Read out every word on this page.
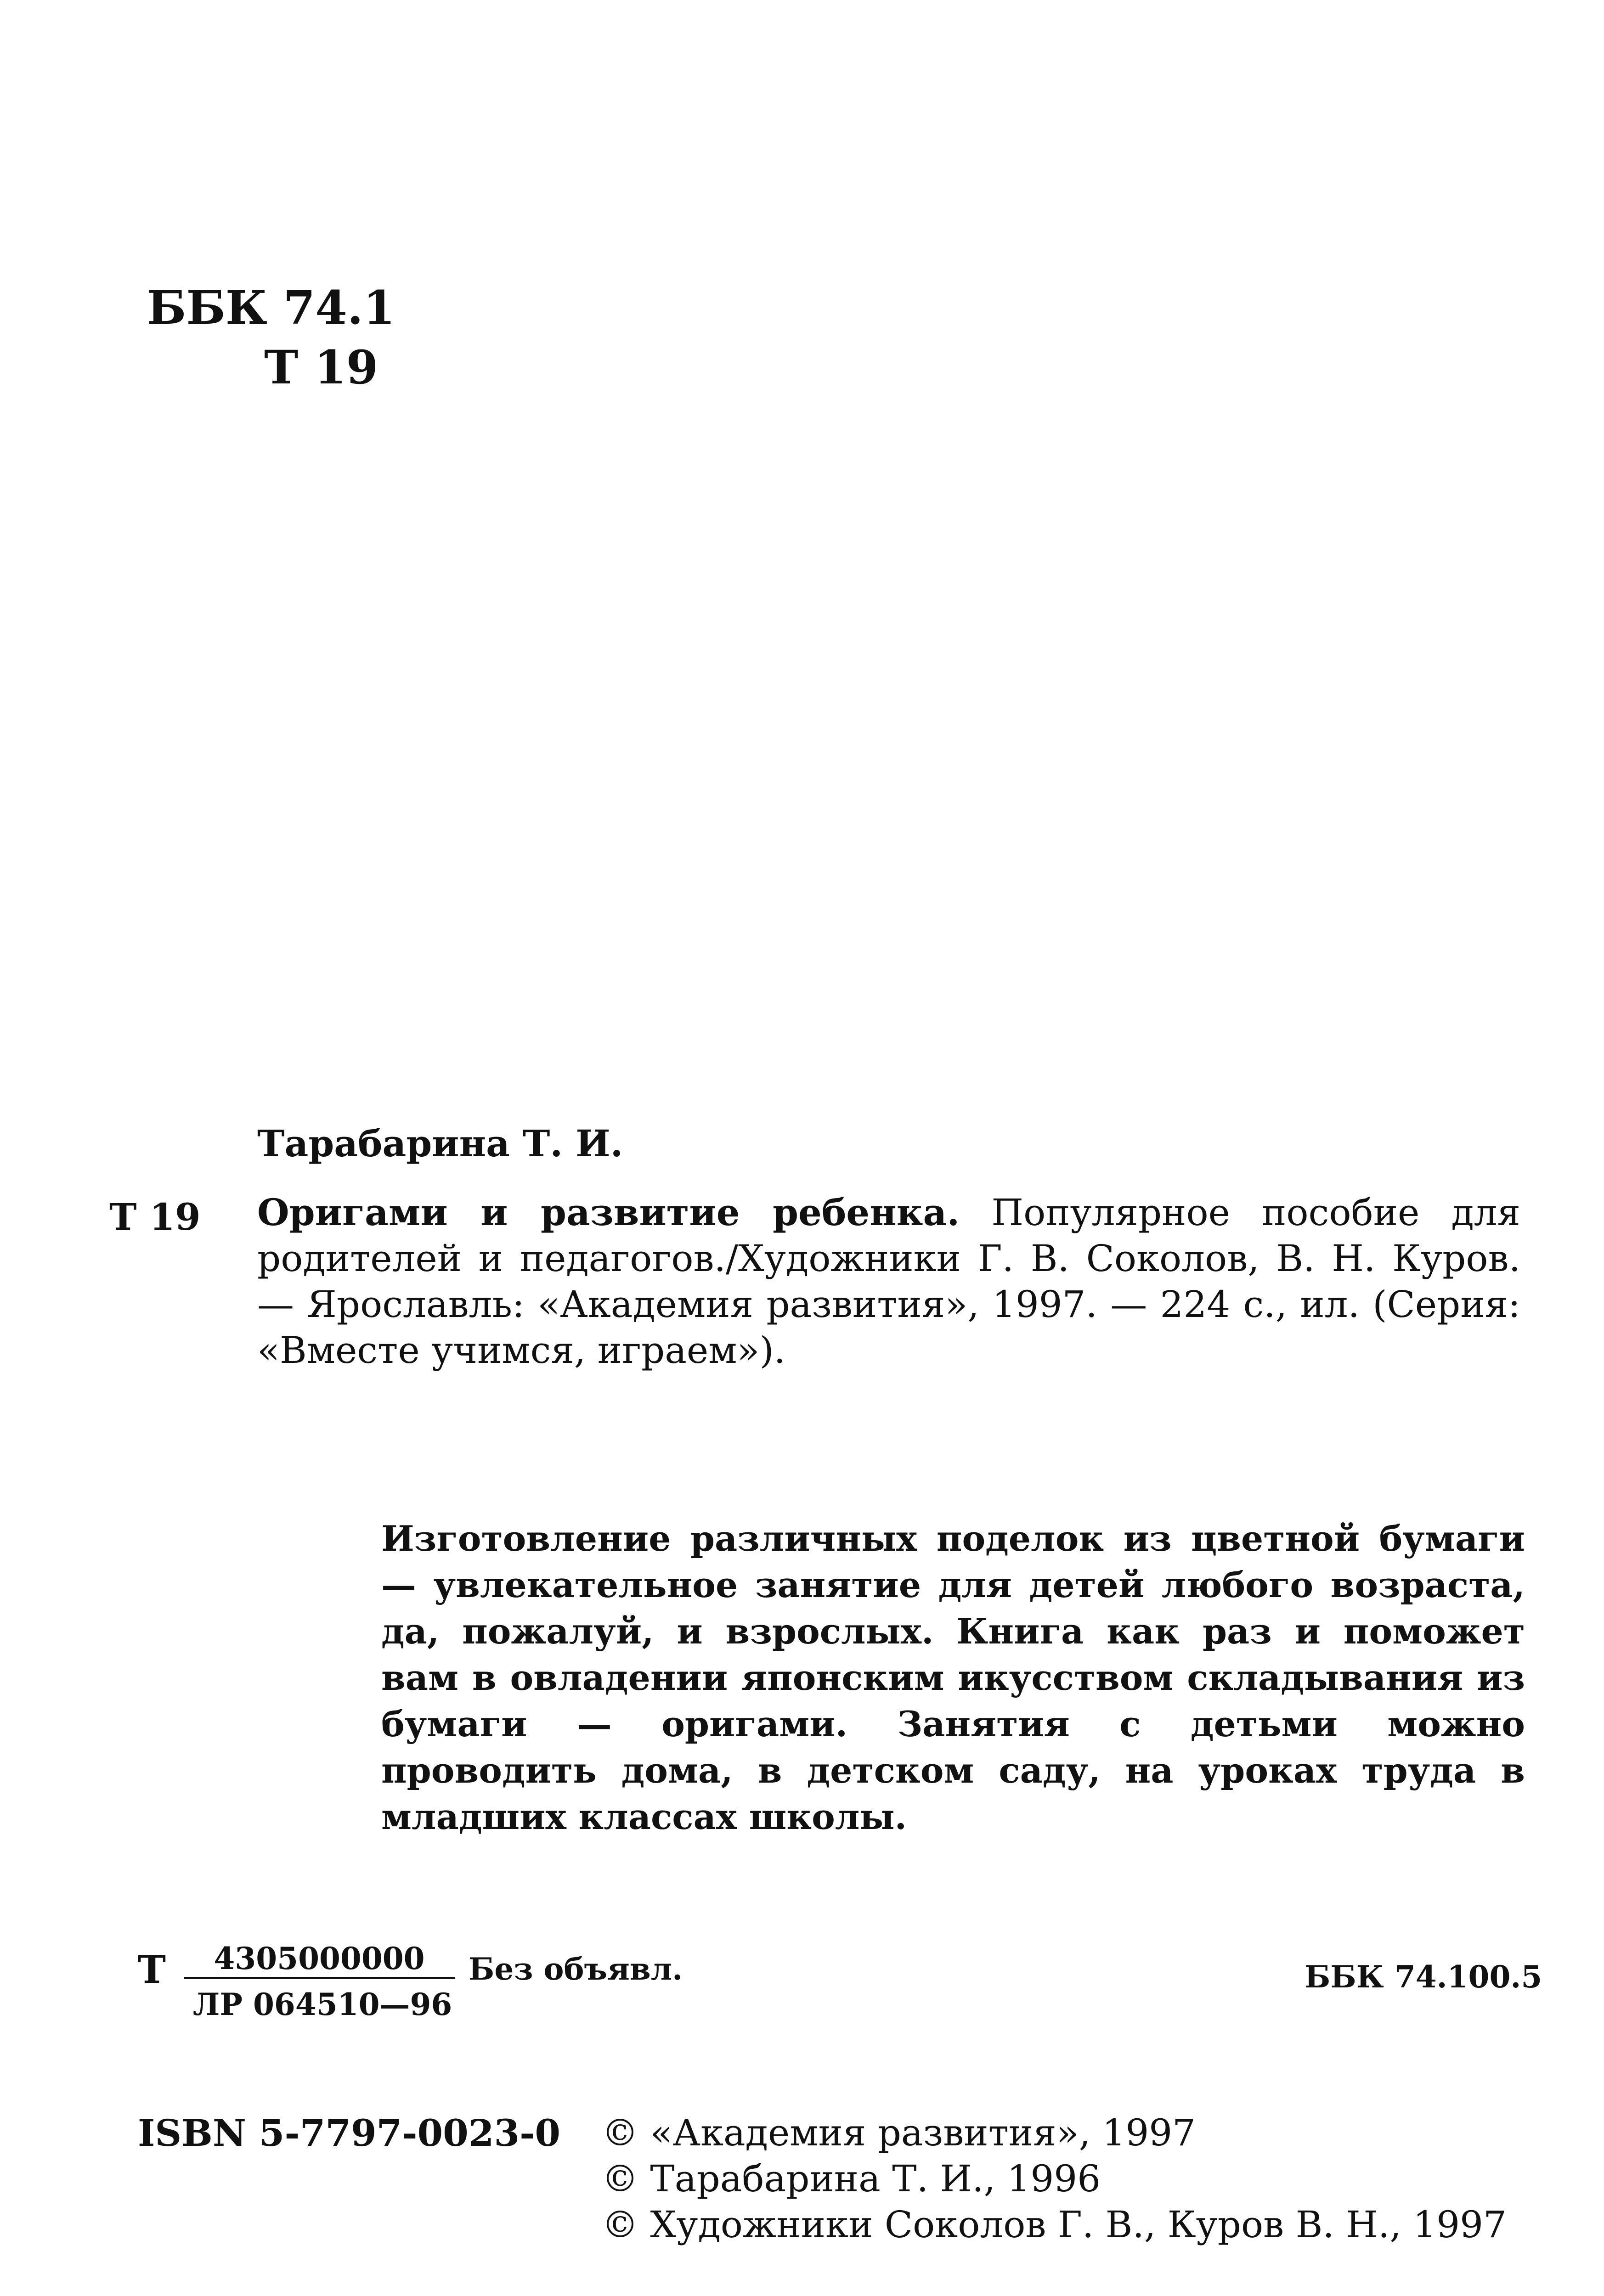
ББК 74.1
Т 19
Тарабарина Т. И.
Т 19 Оригами и развитие ребенка. Популярное пособие для родителей и педагогов./Художники Г. В. Соколов, В. Н. Куров. — Ярославль: «Академия развития», 1997. — 224 с., ил. (Серия: «Вместе учимся, играем»).

Изготовление различных поделок из цветной бумаги — увлекательное занятие для детей любого возраста, да, пожалуй, и взрослых. Книга как раз и поможет вам в овладении японским икусством складывания из бумаги — оригами. Занятия с детьми можно проводить дома, в детском саду, на уроках труда в младших классах школы.

Т	4305000000	Без объявл.
ЛР 064510—96
ББК 74.100.5
ISBN 5-7797-0023-0 © «Академия развития», 1997
© Тарабарина Т. И., 1996
© Художники Соколов Г. В., Куров В. Н., 1997
